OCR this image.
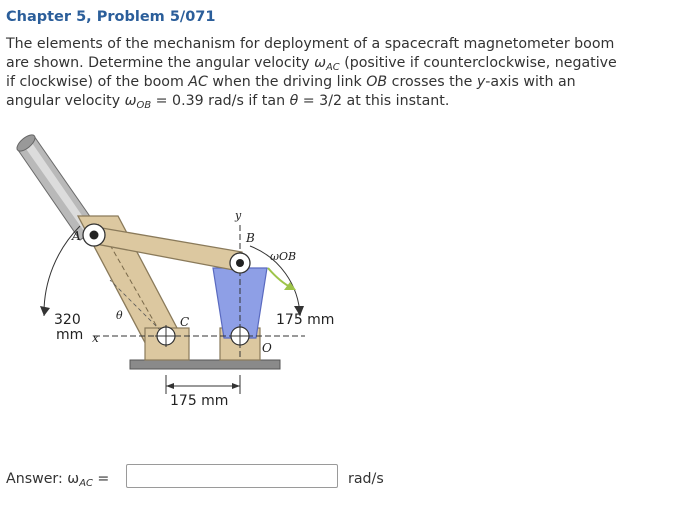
Chapter 5, Problem 5/071
The elements of the mechanism for deployment of a spacecraft magnetometer boom
are shown. Determine the angular velocity $\omega_{AC}$ (positive if counterclockwise, negative
if clockwise) of the boom AC when the driving link OB crosses the y-axis with an
angular velocity $\omega_{OB} = 0.39$ rad/s if tan θ = 3/2 at this instant.
A	B
C
O
y
x
θ
ωOB
320
mm
175 mm
175 mm
Answer: $\omega_{AC}$ =	rad/s
